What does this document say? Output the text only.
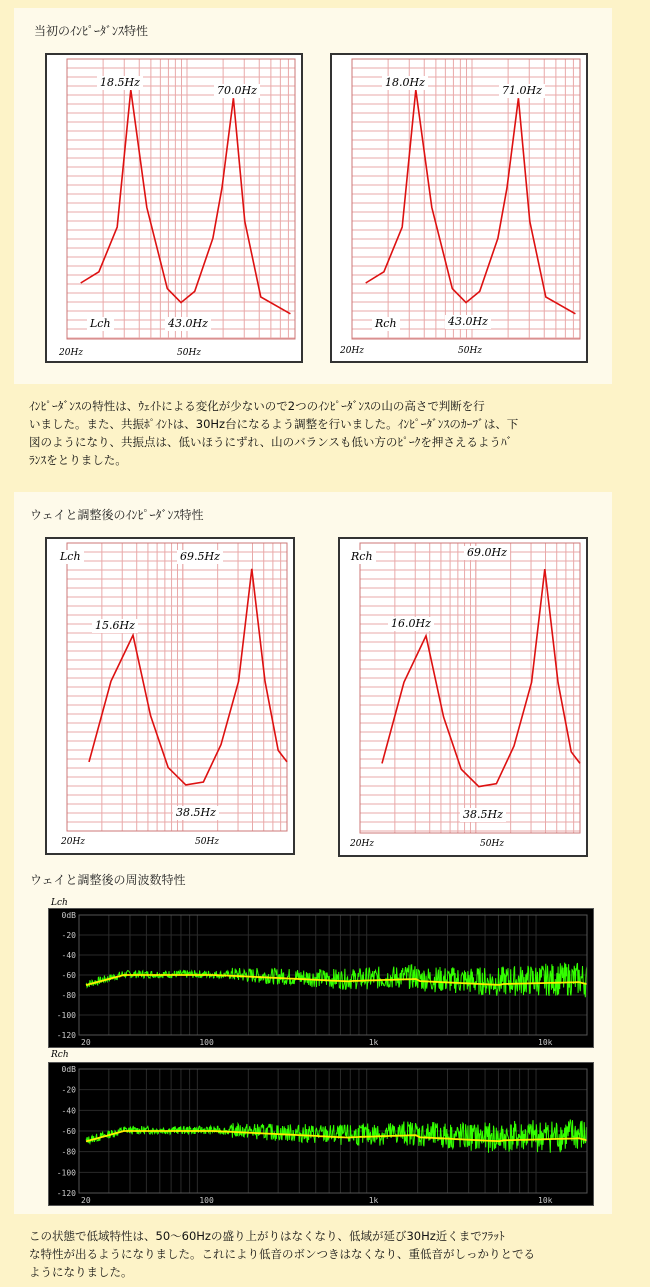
当初のｲﾝﾋﾟｰﾀﾞﾝｽ特性
18.5Hz
70.0Hz
43.0Hz
Lch
20Hz	50Hz
18.0Hz
71.0Hz
43.0Hz
Rch
20Hz	50Hz
ｲﾝﾋﾟｰﾀﾞﾝｽの特性は、ｳｪｲﾄによる変化が少ないので2つのｲﾝﾋﾟｰﾀﾞﾝｽの山の高さで判断を行
いました。また、共振ﾎﾟｲﾝﾄは、30Hz台になるよう調整を行いました。ｲﾝﾋﾟｰﾀﾞﾝｽのｶｰﾌﾞは、下
図のようになり、共振点は、低いほうにずれ、山のバランスも低い方のﾋﾟｰｸを押さえるようﾊﾞ
ﾗﾝｽをとりました。
ウェイと調整後のｲﾝﾋﾟｰﾀﾞﾝｽ特性
Lch	69.5Hz
15.6Hz
38.5Hz
20Hz	50Hz
Rch	69.0Hz
16.0Hz
38.5Hz
20Hz	50Hz
ウェイと調整後の周波数特性
Lch
0dB
-20
-40
-60
-80
-100
-120
20	100	1k	10k
Rch
0dB
-20
-40
-60
-80
-100
-120
20	100	1k	10k
この状態で低域特性は、50～60Hzの盛り上がりはなくなり、低域が延び30Hz近くまでﾌﾗｯﾄ
な特性が出るようになりました。これにより低音のボンつきはなくなり、重低音がしっかりとでる
ようになりました。
